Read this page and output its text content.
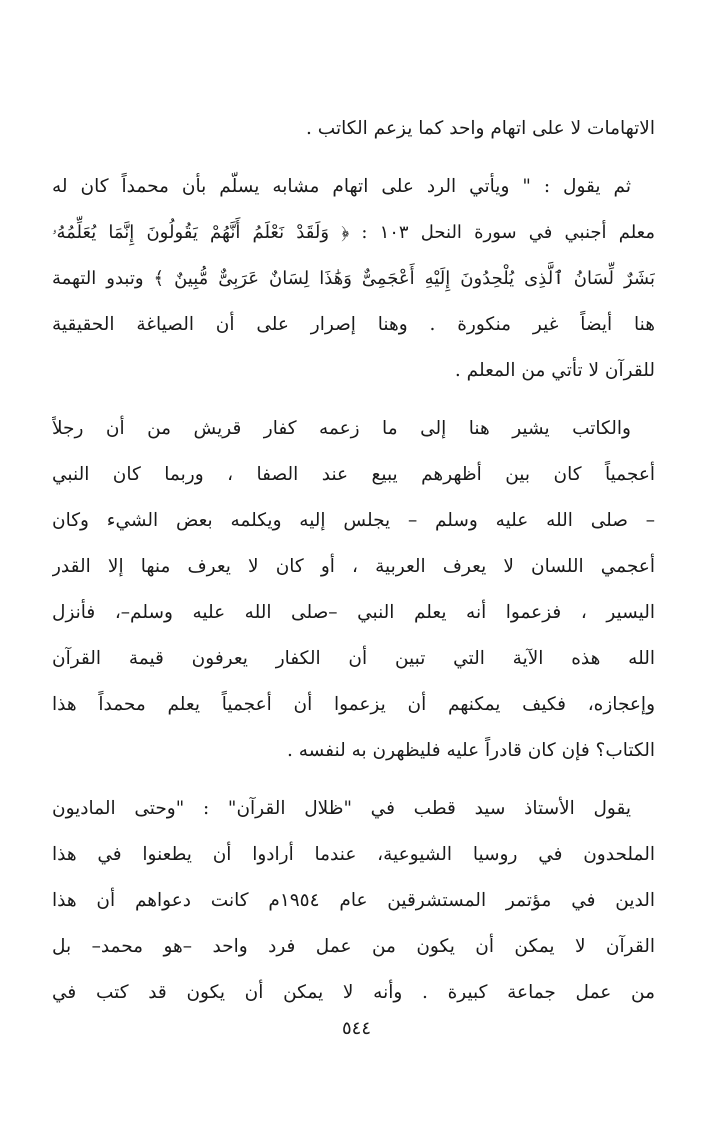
الاتهامات لا على اتهام واحد كما يزعم الكاتب .
ثم يقول : " ويأتي الرد على اتهام مشابه يسلّم بأن محمداً كان له
معلم أجنبي في سورة النحل ١٠٣ : ﴿ وَلَقَدْ نَعْلَمُ أَنَّهُمْ يَقُولُونَ إِنَّمَا يُعَلِّمُهُۥ
بَشَرٌ لِّسَانُ ٱلَّذِى يُلْحِدُونَ إِلَيْهِ أَعْجَمِىٌّ وَهَٰذَا لِسَانٌ عَرَبِىٌّ مُّبِينٌ ﴾ وتبدو التهمة
هنا أيضاً غير منكورة . وهنا إصرار على أن الصياغة الحقيقية
للقرآن لا تأتي من المعلم .
والكاتب يشير هنا إلى ما زعمه كفار قريش من أن رجلاً
أعجمياً كان بين أظهرهم يبيع عند الصفا ، وربما كان النبي
– صلى الله عليه وسلم – يجلس إليه ويكلمه بعض الشيء وكان
أعجمي اللسان لا يعرف العربية ، أو كان لا يعرف منها إلا القدر
اليسير ، فزعموا أنه يعلم النبي –صلى الله عليه وسلم–، فأنزل
الله هذه الآية التي تبين أن الكفار يعرفون قيمة القرآن
وإعجازه، فكيف يمكنهم أن يزعموا أن أعجمياً يعلم محمداً هذا
الكتاب؟ فإن كان قادراً عليه فليظهرن به لنفسه .
يقول الأستاذ سيد قطب في "ظلال القرآن" : "وحتى الماديون
الملحدون في روسيا الشيوعية، عندما أرادوا أن يطعنوا في هذا
الدين في مؤتمر المستشرقين عام ١٩٥٤م كانت دعواهم أن هذا
القرآن لا يمكن أن يكون من عمل فرد واحد –هو محمد– بل
من عمل جماعة كبيرة . وأنه لا يمكن أن يكون قد كتب في
٥٤٤
